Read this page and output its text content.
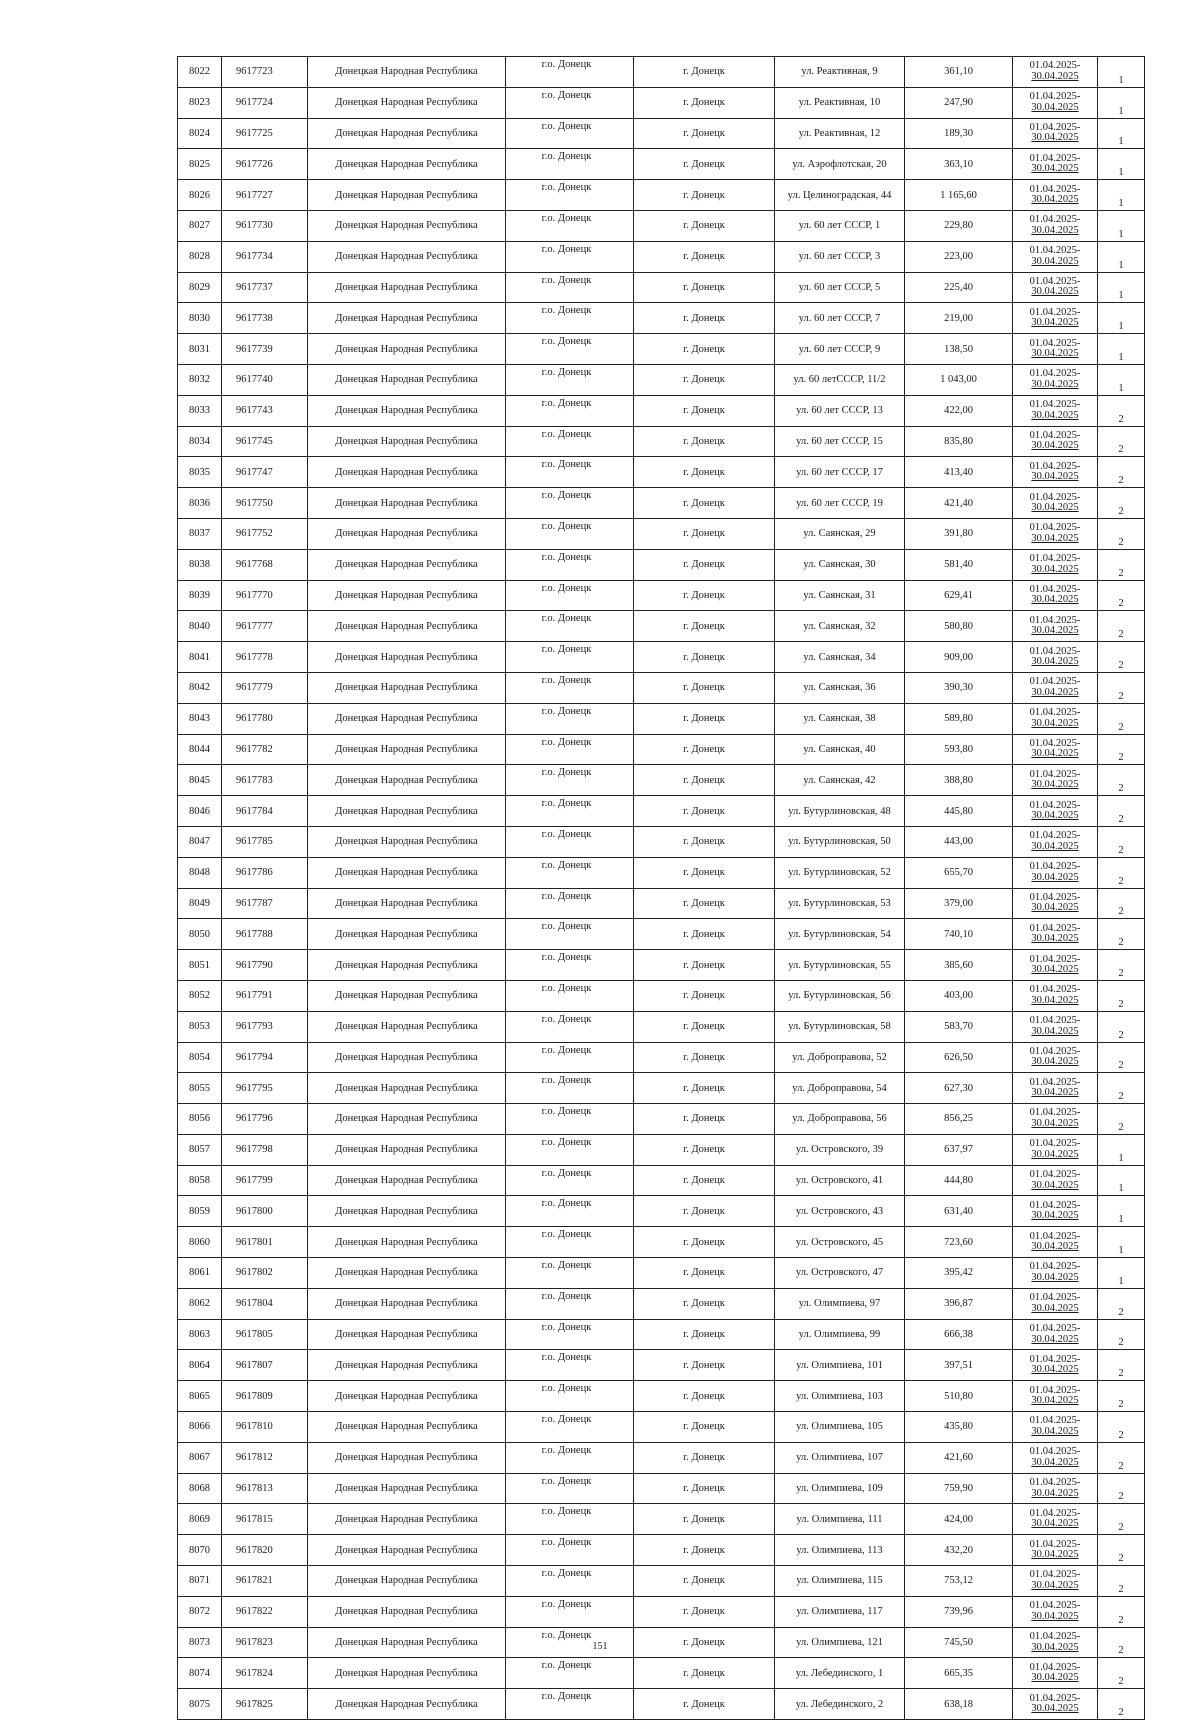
8022	9617723	Донецкая Народная Республика	г.о. Донецк	г. Донецк	ул. Реактивная, 9	361,10	01.04.2025-
30.04.2025	1
8023	9617724	Донецкая Народная Республика	г.о. Донецк	г. Донецк	ул. Реактивная, 10	247,90	01.04.2025-
30.04.2025	1
8024	9617725	Донецкая Народная Республика	г.о. Донецк	г. Донецк	ул. Реактивная, 12	189,30	01.04.2025-
30.04.2025	1
8025	9617726	Донецкая Народная Республика	г.о. Донецк	г. Донецк	ул. Аэрофлотская, 20	363,10	01.04.2025-
30.04.2025	1
8026	9617727	Донецкая Народная Республика	г.о. Донецк	г. Донецк	ул. Целиноградская, 44	1 165,60	01.04.2025-
30.04.2025	1
8027	9617730	Донецкая Народная Республика	г.о. Донецк	г. Донецк	ул. 60 лет СССР, 1	229,80	01.04.2025-
30.04.2025	1
8028	9617734	Донецкая Народная Республика	г.о. Донецк	г. Донецк	ул. 60 лет СССР, 3	223,00	01.04.2025-
30.04.2025	1
8029	9617737	Донецкая Народная Республика	г.о. Донецк	г. Донецк	ул. 60 лет СССР, 5	225,40	01.04.2025-
30.04.2025	1
8030	9617738	Донецкая Народная Республика	г.о. Донецк	г. Донецк	ул. 60 лет СССР, 7	219,00	01.04.2025-
30.04.2025	1
8031	9617739	Донецкая Народная Республика	г.о. Донецк	г. Донецк	ул. 60 лет СССР, 9	138,50	01.04.2025-
30.04.2025	1
8032	9617740	Донецкая Народная Республика	г.о. Донецк	г. Донецк	ул. 60 летСССР, 11/2	1 043,00	01.04.2025-
30.04.2025	1
8033	9617743	Донецкая Народная Республика	г.о. Донецк	г. Донецк	ул. 60 лет СССР, 13	422,00	01.04.2025-
30.04.2025	2
8034	9617745	Донецкая Народная Республика	г.о. Донецк	г. Донецк	ул. 60 лет СССР, 15	835,80	01.04.2025-
30.04.2025	2
8035	9617747	Донецкая Народная Республика	г.о. Донецк	г. Донецк	ул. 60 лет СССР, 17	413,40	01.04.2025-
30.04.2025	2
8036	9617750	Донецкая Народная Республика	г.о. Донецк	г. Донецк	ул. 60 лет СССР, 19	421,40	01.04.2025-
30.04.2025	2
8037	9617752	Донецкая Народная Республика	г.о. Донецк	г. Донецк	ул. Саянская, 29	391,80	01.04.2025-
30.04.2025	2
8038	9617768	Донецкая Народная Республика	г.о. Донецк	г. Донецк	ул. Саянская, 30	581,40	01.04.2025-
30.04.2025	2
8039	9617770	Донецкая Народная Республика	г.о. Донецк	г. Донецк	ул. Саянская, 31	629,41	01.04.2025-
30.04.2025	2
8040	9617777	Донецкая Народная Республика	г.о. Донецк	г. Донецк	ул. Саянская, 32	580,80	01.04.2025-
30.04.2025	2
8041	9617778	Донецкая Народная Республика	г.о. Донецк	г. Донецк	ул. Саянская, 34	909,00	01.04.2025-
30.04.2025	2
8042	9617779	Донецкая Народная Республика	г.о. Донецк	г. Донецк	ул. Саянская, 36	390,30	01.04.2025-
30.04.2025	2
8043	9617780	Донецкая Народная Республика	г.о. Донецк	г. Донецк	ул. Саянская, 38	589,80	01.04.2025-
30.04.2025	2
8044	9617782	Донецкая Народная Республика	г.о. Донецк	г. Донецк	ул. Саянская, 40	593,80	01.04.2025-
30.04.2025	2
8045	9617783	Донецкая Народная Республика	г.о. Донецк	г. Донецк	ул. Саянская, 42	388,80	01.04.2025-
30.04.2025	2
8046	9617784	Донецкая Народная Республика	г.о. Донецк	г. Донецк	ул. Бутурлиновская, 48	445,80	01.04.2025-
30.04.2025	2
8047	9617785	Донецкая Народная Республика	г.о. Донецк	г. Донецк	ул. Бутурлиновская, 50	443,00	01.04.2025-
30.04.2025	2
8048	9617786	Донецкая Народная Республика	г.о. Донецк	г. Донецк	ул. Бутурлиновская, 52	655,70	01.04.2025-
30.04.2025	2
8049	9617787	Донецкая Народная Республика	г.о. Донецк	г. Донецк	ул. Бутурлиновская, 53	379,00	01.04.2025-
30.04.2025	2
8050	9617788	Донецкая Народная Республика	г.о. Донецк	г. Донецк	ул. Бутурлиновская, 54	740,10	01.04.2025-
30.04.2025	2
8051	9617790	Донецкая Народная Республика	г.о. Донецк	г. Донецк	ул. Бутурлиновская, 55	385,60	01.04.2025-
30.04.2025	2
8052	9617791	Донецкая Народная Республика	г.о. Донецк	г. Донецк	ул. Бутурлиновская, 56	403,00	01.04.2025-
30.04.2025	2
8053	9617793	Донецкая Народная Республика	г.о. Донецк	г. Донецк	ул. Бутурлиновская, 58	583,70	01.04.2025-
30.04.2025	2
8054	9617794	Донецкая Народная Республика	г.о. Донецк	г. Донецк	ул. Доброправова, 52	626,50	01.04.2025-
30.04.2025	2
8055	9617795	Донецкая Народная Республика	г.о. Донецк	г. Донецк	ул. Доброправова, 54	627,30	01.04.2025-
30.04.2025	2
8056	9617796	Донецкая Народная Республика	г.о. Донецк	г. Донецк	ул. Доброправова, 56	856,25	01.04.2025-
30.04.2025	2
8057	9617798	Донецкая Народная Республика	г.о. Донецк	г. Донецк	ул. Островского, 39	637,97	01.04.2025-
30.04.2025	1
8058	9617799	Донецкая Народная Республика	г.о. Донецк	г. Донецк	ул. Островского, 41	444,80	01.04.2025-
30.04.2025	1
8059	9617800	Донецкая Народная Республика	г.о. Донецк	г. Донецк	ул. Островского, 43	631,40	01.04.2025-
30.04.2025	1
8060	9617801	Донецкая Народная Республика	г.о. Донецк	г. Донецк	ул. Островского, 45	723,60	01.04.2025-
30.04.2025	1
8061	9617802	Донецкая Народная Республика	г.о. Донецк	г. Донецк	ул. Островского, 47	395,42	01.04.2025-
30.04.2025	1
8062	9617804	Донецкая Народная Республика	г.о. Донецк	г. Донецк	ул. Олимпиева, 97	396,87	01.04.2025-
30.04.2025	2
8063	9617805	Донецкая Народная Республика	г.о. Донецк	г. Донецк	ул. Олимпиева, 99	666,38	01.04.2025-
30.04.2025	2
8064	9617807	Донецкая Народная Республика	г.о. Донецк	г. Донецк	ул. Олимпиева, 101	397,51	01.04.2025-
30.04.2025	2
8065	9617809	Донецкая Народная Республика	г.о. Донецк	г. Донецк	ул. Олимпиева, 103	510,80	01.04.2025-
30.04.2025	2
8066	9617810	Донецкая Народная Республика	г.о. Донецк	г. Донецк	ул. Олимпиева, 105	435,80	01.04.2025-
30.04.2025	2
8067	9617812	Донецкая Народная Республика	г.о. Донецк	г. Донецк	ул. Олимпиева, 107	421,60	01.04.2025-
30.04.2025	2
8068	9617813	Донецкая Народная Республика	г.о. Донецк	г. Донецк	ул. Олимпиева, 109	759,90	01.04.2025-
30.04.2025	2
8069	9617815	Донецкая Народная Республика	г.о. Донецк	г. Донецк	ул. Олимпиева, 111	424,00	01.04.2025-
30.04.2025	2
8070	9617820	Донецкая Народная Республика	г.о. Донецк	г. Донецк	ул. Олимпиева, 113	432,20	01.04.2025-
30.04.2025	2
8071	9617821	Донецкая Народная Республика	г.о. Донецк	г. Донецк	ул. Олимпиева, 115	753,12	01.04.2025-
30.04.2025	2
8072	9617822	Донецкая Народная Республика	г.о. Донецк	г. Донецк	ул. Олимпиева, 117	739,96	01.04.2025-
30.04.2025	2
8073	9617823	Донецкая Народная Республика	г.о. Донецк	г. Донецк	ул. Олимпиева, 121	745,50	01.04.2025-
30.04.2025	2
8074	9617824	Донецкая Народная Республика	г.о. Донецк	г. Донецк	ул. Лебединского, 1	665,35	01.04.2025-
30.04.2025	2
8075	9617825	Донецкая Народная Республика	г.о. Донецк	г. Донецк	ул. Лебединского, 2	638,18	01.04.2025-
30.04.2025	2
151
